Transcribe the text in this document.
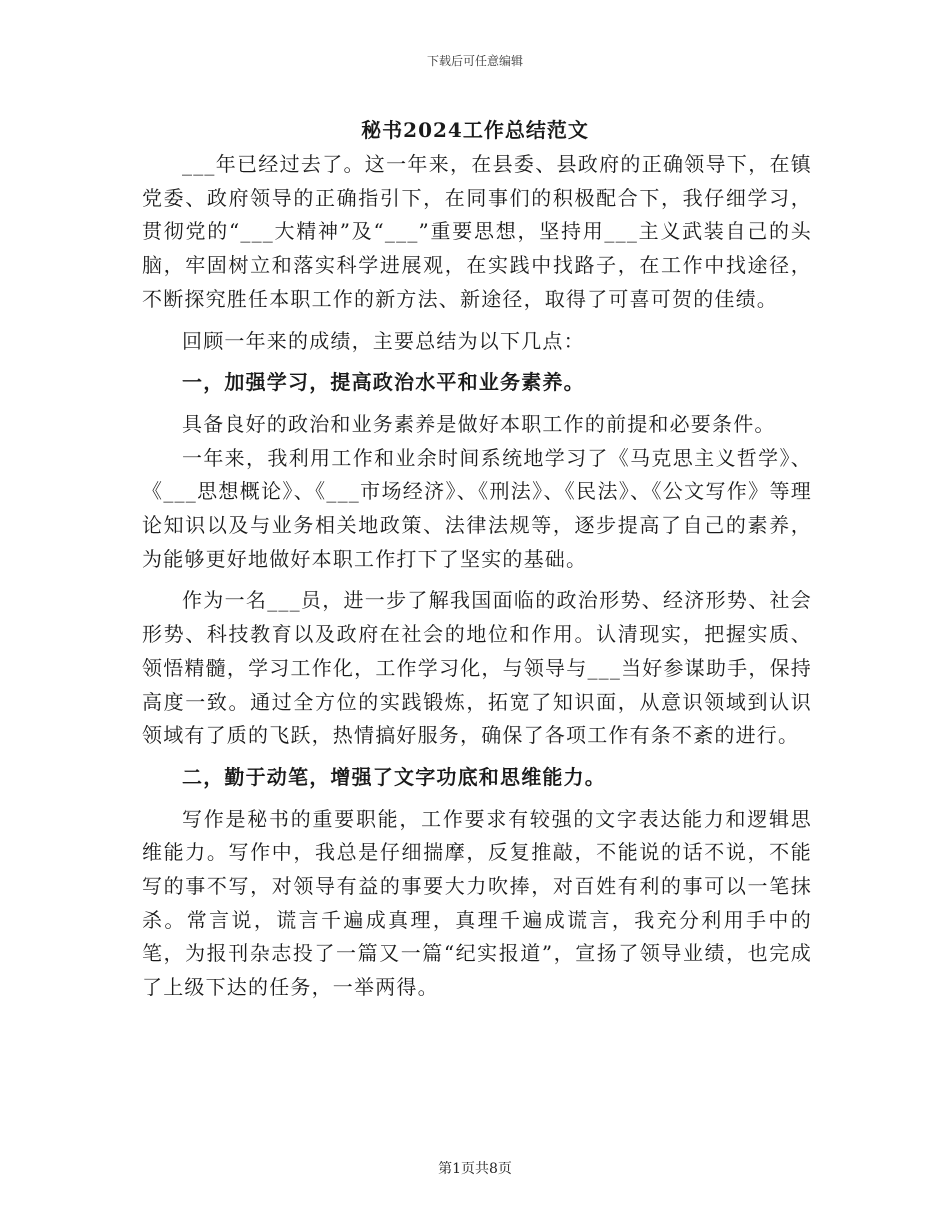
下载后可任意编辑
秘书2024工作总结范文

___年已经过去了。这一年来，在县委、县政府的正确领导下，在镇党委、政府领导的正确指引下，在同事们的积极配合下，我仔细学习，贯彻党的“___大精神”及“___”重要思想，坚持用___主义武装自己的头脑，牢固树立和落实科学进展观，在实践中找路子，在工作中找途径，不断探究胜任本职工作的新方法、新途径，取得了可喜可贺的佳绩。

回顾一年来的成绩，主要总结为以下几点：

一，加强学习，提高政治水平和业务素养。

具备良好的政治和业务素养是做好本职工作的前提和必要条件。

一年来，我利用工作和业余时间系统地学习了《马克思主义哲学》、《___思想概论》、《___市场经济》、《刑法》、《民法》、《公文写作》等理论知识以及与业务相关地政策、法律法规等，逐步提高了自己的素养，为能够更好地做好本职工作打下了坚实的基础。

作为一名___员，进一步了解我国面临的政治形势、经济形势、社会形势、科技教育以及政府在社会的地位和作用。认清现实，把握实质、领悟精髓，学习工作化，工作学习化，与领导与___当好参谋助手，保持高度一致。通过全方位的实践锻炼，拓宽了知识面，从意识领域到认识领域有了质的飞跃，热情搞好服务，确保了各项工作有条不紊的进行。

二，勤于动笔，增强了文字功底和思维能力。

写作是秘书的重要职能，工作要求有较强的文字表达能力和逻辑思维能力。写作中，我总是仔细揣摩，反复推敲，不能说的话不说，不能写的事不写，对领导有益的事要大力吹捧，对百姓有利的事可以一笔抹杀。常言说，谎言千遍成真理，真理千遍成谎言，我充分利用手中的笔，为报刊杂志投了一篇又一篇“纪实报道”，宣扬了领导业绩，也完成了上级下达的任务，一举两得。

第1页共8页
